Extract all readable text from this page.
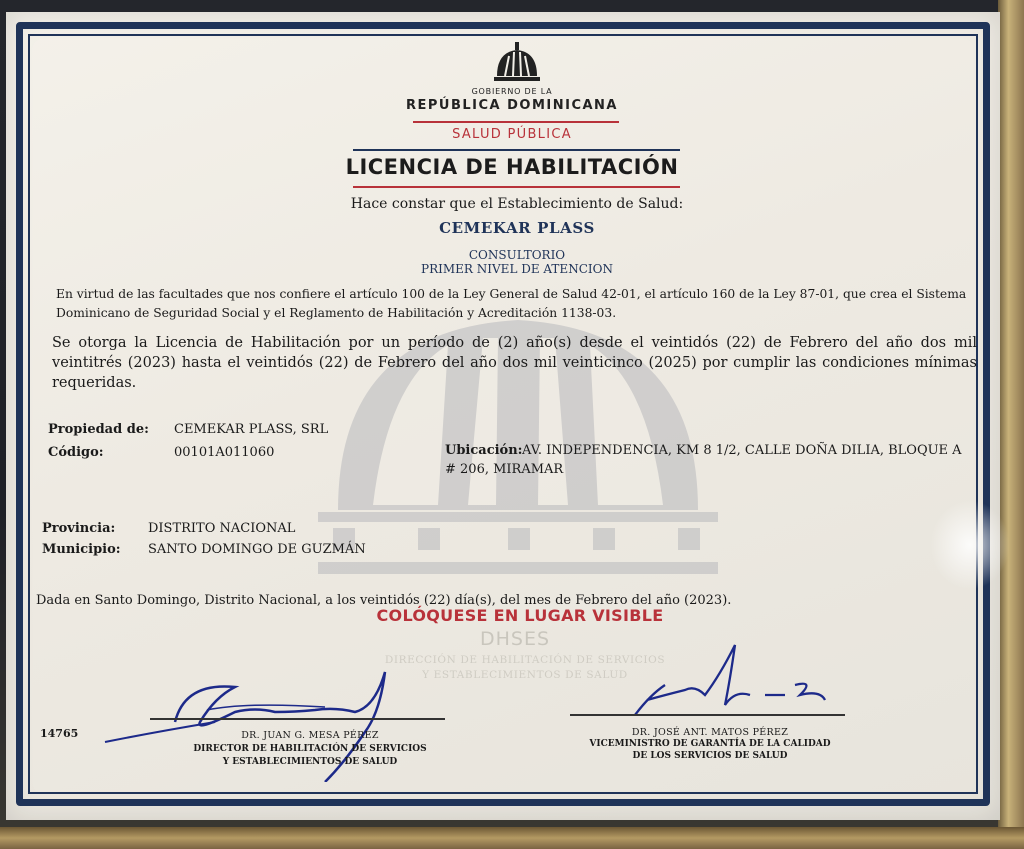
GOBIERNO DE LA
REPÚBLICA DOMINICANA
SALUD PÚBLICA
LICENCIA DE HABILITACIÓN
Hace constar que el Establecimiento de Salud:
CEMEKAR PLASS
CONSULTORIO
PRIMER NIVEL DE ATENCION
En virtud de las facultades que nos confiere el artículo 100 de la Ley General de Salud 42-01, el artículo 160 de la Ley 87-01, que crea el Sistema Dominicano de Seguridad Social y el Reglamento de Habilitación y Acreditación 1138-03.
Se otorga la Licencia de Habilitación por un período de (2) año(s) desde el veintidós (22) de Febrero del año dos mil veintitrés (2023) hasta el veintidós (22) de Febrero del año dos mil veinticinco (2025) por cumplir las condiciones mínimas requeridas.
Propiedad de: CEMEKAR PLASS, SRL
Código:	00101A011060	Ubicación: AV. INDEPENDENCIA, KM 8 1/2, CALLE DOÑA DILIA, BLOQUE A
# 206, MIRAMAR
Provincia:	DISTRITO NACIONAL
Municipio: SANTO DOMINGO DE GUZMÁN
Dada en Santo Domingo, Distrito Nacional, a los veintidós (22) día(s), del mes de Febrero del año (2023).
COLÓQUESE EN LUGAR VISIBLE
DHSES
DIRECCIÓN DE HABILITACIÓN DE SERVICIOS
Y ESTABLECIMIENTOS DE SALUD
14765	DR. JUAN G. MESA PÉREZ
DIRECTOR DE HABILITACIÓN DE SERVICIOS
Y ESTABLECIMIENTOS DE SALUD
DR. JOSÉ ANT. MATOS PÉREZ
VICEMINISTRO DE GARANTÍA DE LA CALIDAD
DE LOS SERVICIOS DE SALUD
